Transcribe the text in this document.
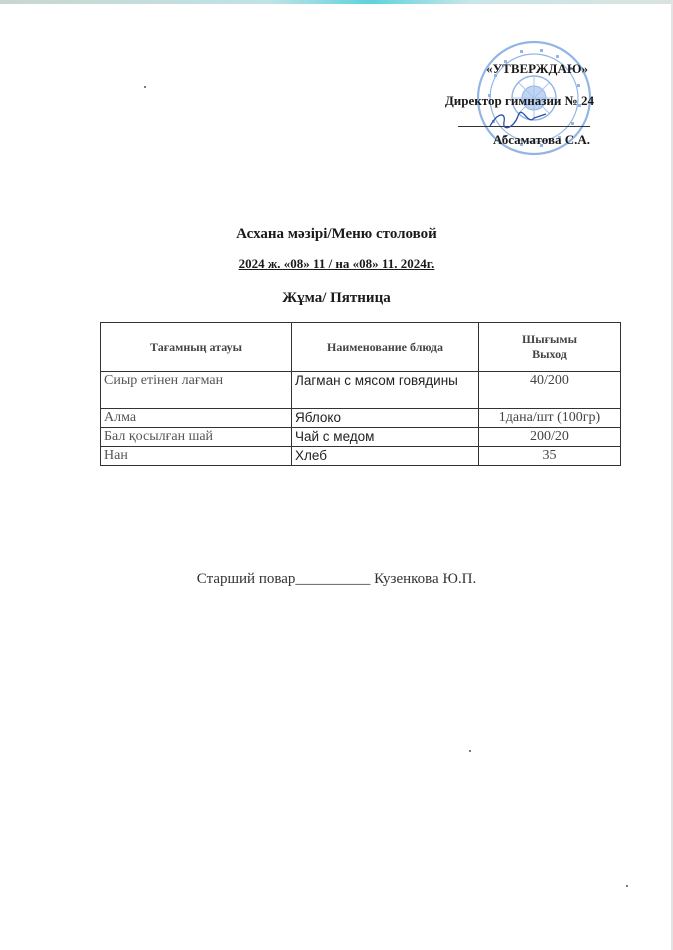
«УТВЕРЖДАЮ»
Директор гимназии № 24
Абсаматова С.А.
Асхана мәзірі/Меню столовой
2024 ж. «08» 11 / на «08» 11. 2024г.
Жұма/ Пятница
Тағамның атауы	Наименование блюда	Шығымы
Выход
Сиыр етінен лағман	Лагман с мясом говядины	40/200
Алма	Яблоко	1дана/шт (100гр)
Бал қосылған шай	Чай с медом	200/20
Нан	Хлеб	35
Старший повар__________ Кузенкова Ю.П.
